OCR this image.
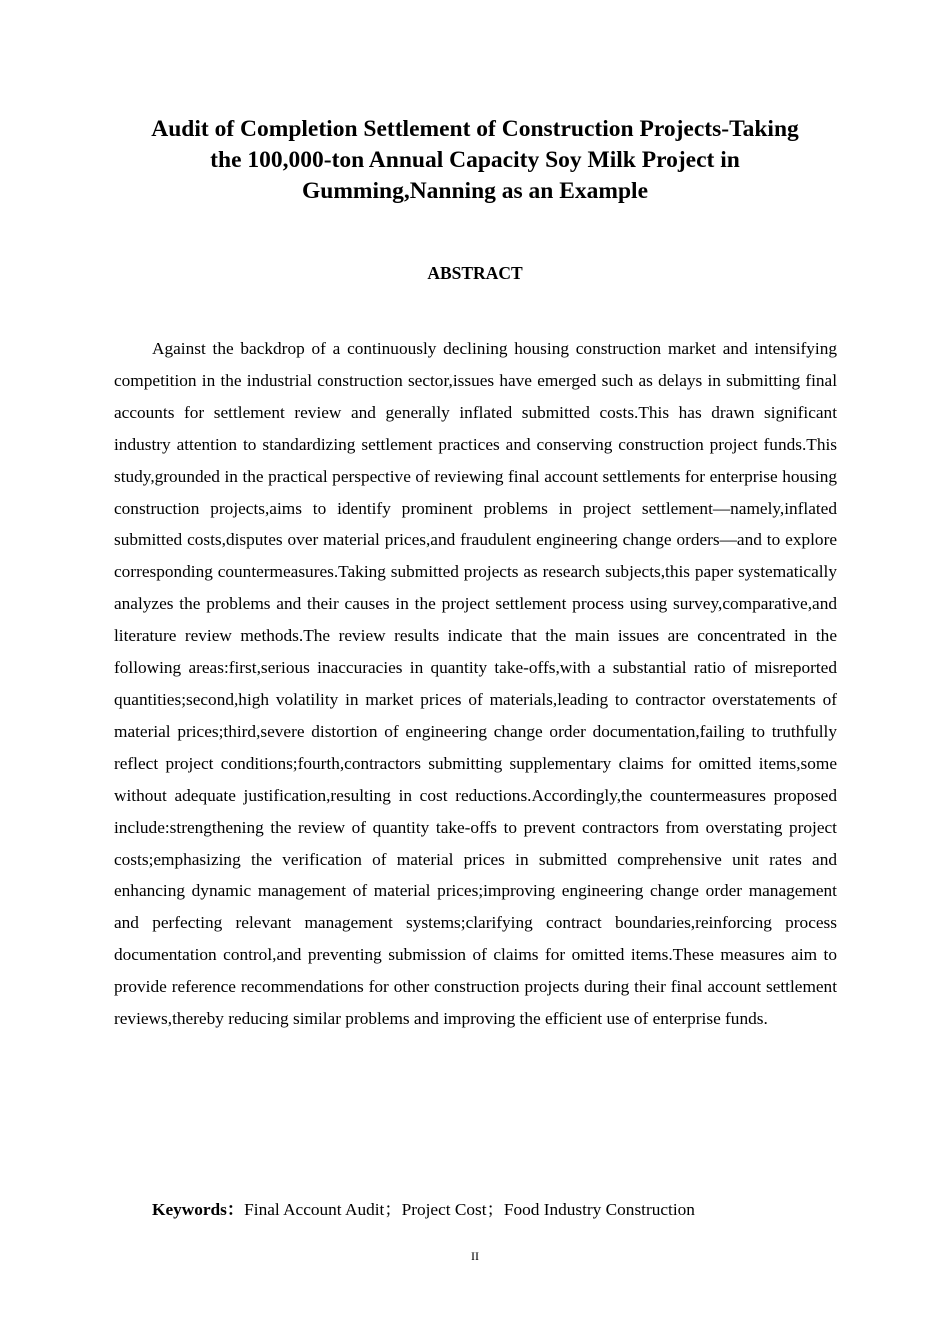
Audit of Completion Settlement of Construction Projects-Taking
the 100,000-ton Annual Capacity Soy Milk Project in
Gumming,Nanning as an Example
ABSTRACT

Against the backdrop of a continuously declining housing construction market and intensifying competition in the industrial construction sector,issues have emerged such as delays in submitting final accounts for settlement review and generally inflated submitted costs.This has drawn significant industry attention to standardizing settlement practices and conserving construction project funds.This study,grounded in the practical perspective of reviewing final account settlements for enterprise housing construction projects,aims to identify prominent problems in project settlement—namely,inflated submitted costs,disputes over material prices,and fraudulent engineering change orders—and to explore corresponding countermeasures.Taking submitted projects as research subjects,this paper systematically analyzes the problems and their causes in the project settlement process using survey,comparative,and literature review methods.The review results indicate that the main issues are concentrated in the following areas:first,serious inaccuracies in quantity take-offs,with a substantial ratio of misreported quantities;second,high volatility in market prices of materials,leading to contractor overstatements of material prices;third,severe distortion of engineering change order documentation,failing to truthfully reflect project conditions;fourth,contractors submitting supplementary claims for omitted items,some without adequate justification,resulting in cost reductions.Accordingly,the countermeasures proposed include:strengthening the review of quantity take-offs to prevent contractors from overstating project costs;emphasizing the verification of material prices in submitted comprehensive unit rates and enhancing dynamic management of material prices;improving engineering change order management and perfecting relevant management systems;clarifying contract boundaries,reinforcing process documentation control,and preventing submission of claims for omitted items.These measures aim to provide reference recommendations for other construction projects during their final account settlement reviews,thereby reducing similar problems and improving the efficient use of enterprise funds.

Keywords：Final Account Audit；Project Cost；Food Industry Construction
II
